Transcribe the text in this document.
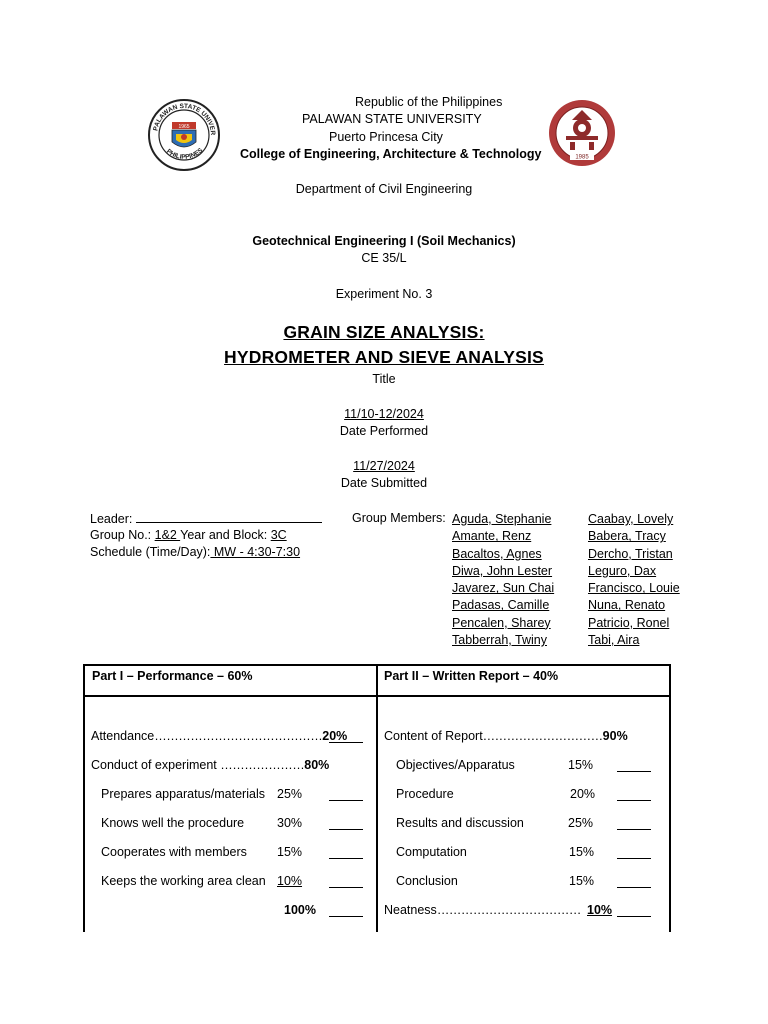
PALAWAN STATE UNIVER
PHILIPPINES
1965
1985
Republic of the Philippines
PALAWAN STATE UNIVERSITY
Puerto Princesa City
College of Engineering, Architecture & Technology
Department of Civil Engineering
Geotechnical Engineering I (Soil Mechanics)
CE 35/L
Experiment No. 3
GRAIN SIZE ANALYSIS:
HYDROMETER AND SIEVE ANALYSIS
Title
11/10-12/2024
Date Performed
11/27/2024
Date Submitted
Leader:
Group No.: 1&2 Year and Block: 3C
Schedule (Time/Day): MW - 4:30-7:30
Group Members: Aguda, Stephanie
Amante, Renz
Bacaltos, Agnes
Diwa, John Lester
Javarez, Sun Chai
Padasas, Camille
Pencalen, Sharey
Tabberrah, Twiny
Caabay, Lovely
Babera, Tracy
Dercho, Tristan
Leguro, Dax
Francisco, Louie
Nuna, Renato
Patricio, Ronel
Tabi, Aira
Part I – Performance – 60%
Attendance……………………………………20%
Conduct of experiment …………………80%
Prepares apparatus/materials 25%
Knows well the procedure	30%
Cooperates with members 15%
Keeps the working area clean 10%
100%
Part II – Written Report – 40%
Content of Report…………………………90%
Objectives/Apparatus	15%
Procedure	20%
Results and discussion	25%
Computation	15%
Conclusion	15%
Neatness……………………………… 10%
